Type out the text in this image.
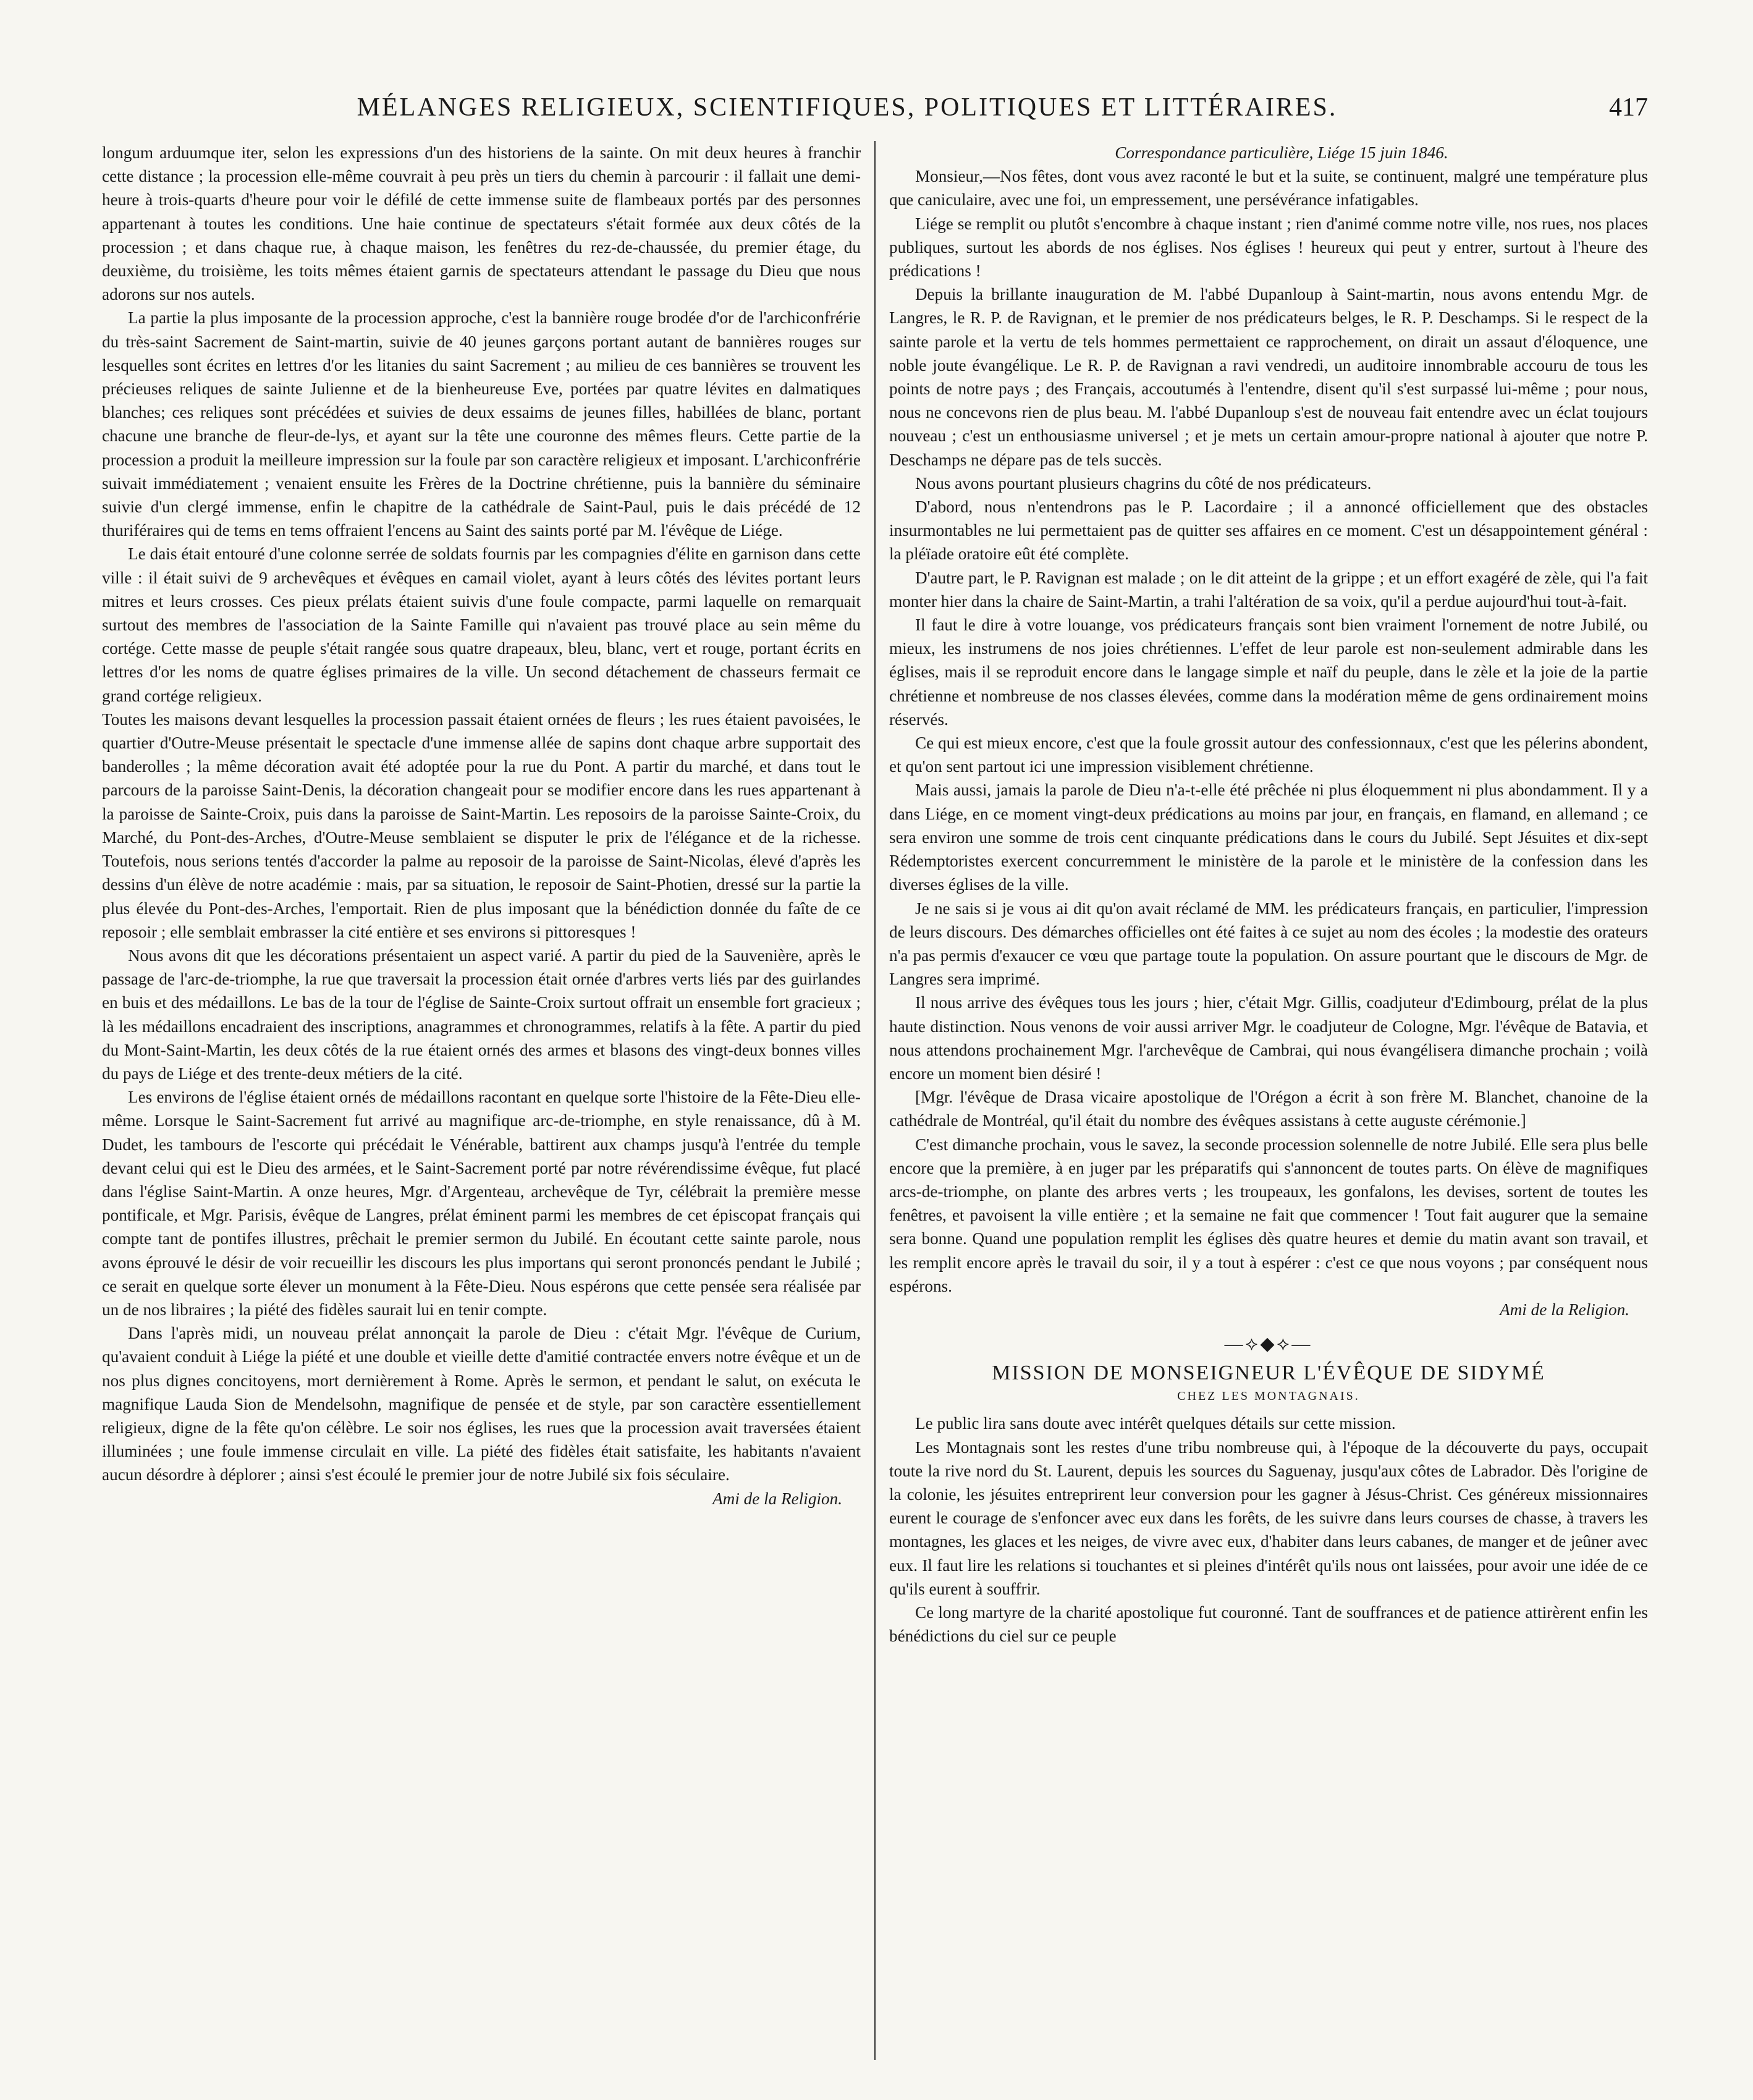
MÉLANGES RELIGIEUX, SCIENTIFIQUES, POLITIQUES ET LITTÉRAIRES.	417

longum arduumque iter, selon les expressions d'un des historiens de la sainte. On mit deux heures à franchir cette distance ; la procession elle-même couvrait à peu près un tiers du chemin à parcourir : il fallait une demi-heure à trois-quarts d'heure pour voir le défilé de cette immense suite de flambeaux portés par des personnes appartenant à toutes les conditions. Une haie continue de spectateurs s'était formée aux deux côtés de la procession ; et dans chaque rue, à chaque maison, les fenêtres du rez-de-chaussée, du premier étage, du deuxième, du troisième, les toits mêmes étaient garnis de spectateurs attendant le passage du Dieu que nous adorons sur nos autels.

La partie la plus imposante de la procession approche, c'est la bannière rouge brodée d'or de l'archiconfrérie du très-saint Sacrement de Saint-martin, suivie de 40 jeunes garçons portant autant de bannières rouges sur lesquelles sont écrites en lettres d'or les litanies du saint Sacrement ; au milieu de ces bannières se trouvent les précieuses reliques de sainte Julienne et de la bienheureuse Eve, portées par quatre lévites en dalmatiques blanches; ces reliques sont précédées et suivies de deux essaims de jeunes filles, habillées de blanc, portant chacune une branche de fleur-de-lys, et ayant sur la tête une couronne des mêmes fleurs. Cette partie de la procession a produit la meilleure impression sur la foule par son caractère religieux et imposant. L'archiconfrérie suivait immédiatement ; venaient ensuite les Frères de la Doctrine chrétienne, puis la bannière du séminaire suivie d'un clergé immense, enfin le chapitre de la cathédrale de Saint-Paul, puis le dais précédé de 12 thuriféraires qui de tems en tems offraient l'encens au Saint des saints porté par M. l'évêque de Liége.

Le dais était entouré d'une colonne serrée de soldats fournis par les compagnies d'élite en garnison dans cette ville : il était suivi de 9 archevêques et évêques en camail violet, ayant à leurs côtés des lévites portant leurs mitres et leurs crosses. Ces pieux prélats étaient suivis d'une foule compacte, parmi laquelle on remarquait surtout des membres de l'association de la Sainte Famille qui n'avaient pas trouvé place au sein même du cortége. Cette masse de peuple s'était rangée sous quatre drapeaux, bleu, blanc, vert et rouge, portant écrits en lettres d'or les noms de quatre églises primaires de la ville. Un second détachement de chasseurs fermait ce grand cortége religieux.

Toutes les maisons devant lesquelles la procession passait étaient ornées de fleurs ; les rues étaient pavoisées, le quartier d'Outre-Meuse présentait le spectacle d'une immense allée de sapins dont chaque arbre supportait des banderolles ; la même décoration avait été adoptée pour la rue du Pont. A partir du marché, et dans tout le parcours de la paroisse Saint-Denis, la décoration changeait pour se modifier encore dans les rues appartenant à la paroisse de Sainte-Croix, puis dans la paroisse de Saint-Martin. Les reposoirs de la paroisse Sainte-Croix, du Marché, du Pont-des-Arches, d'Outre-Meuse semblaient se disputer le prix de l'élégance et de la richesse. Toutefois, nous serions tentés d'accorder la palme au reposoir de la paroisse de Saint-Nicolas, élevé d'après les dessins d'un élève de notre académie : mais, par sa situation, le reposoir de Saint-Photien, dressé sur la partie la plus élevée du Pont-des-Arches, l'emportait. Rien de plus imposant que la bénédiction donnée du faîte de ce reposoir ; elle semblait embrasser la cité entière et ses environs si pittoresques !

Nous avons dit que les décorations présentaient un aspect varié. A partir du pied de la Sauvenière, après le passage de l'arc-de-triomphe, la rue que traversait la procession était ornée d'arbres verts liés par des guirlandes en buis et des médaillons. Le bas de la tour de l'église de Sainte-Croix surtout offrait un ensemble fort gracieux ; là les médaillons encadraient des inscriptions, anagrammes et chronogrammes, relatifs à la fête. A partir du pied du Mont-Saint-Martin, les deux côtés de la rue étaient ornés des armes et blasons des vingt-deux bonnes villes du pays de Liége et des trente-deux métiers de la cité.

Les environs de l'église étaient ornés de médaillons racontant en quelque sorte l'histoire de la Fête-Dieu elle-même. Lorsque le Saint-Sacrement fut arrivé au magnifique arc-de-triomphe, en style renaissance, dû à M. Dudet, les tambours de l'escorte qui précédait le Vénérable, battirent aux champs jusqu'à l'entrée du temple devant celui qui est le Dieu des armées, et le Saint-Sacrement porté par notre révérendissime évêque, fut placé dans l'église Saint-Martin. A onze heures, Mgr. d'Argenteau, archevêque de Tyr, célébrait la première messe pontificale, et Mgr. Parisis, évêque de Langres, prélat éminent parmi les membres de cet épiscopat français qui compte tant de pontifes illustres, prêchait le premier sermon du Jubilé. En écoutant cette sainte parole, nous avons éprouvé le désir de voir recueillir les discours les plus importans qui seront prononcés pendant le Jubilé ; ce serait en quelque sorte élever un monument à la Fête-Dieu. Nous espérons que cette pensée sera réalisée par un de nos libraires ; la piété des fidèles saurait lui en tenir compte.

Dans l'après midi, un nouveau prélat annonçait la parole de Dieu : c'était Mgr. l'évêque de Curium, qu'avaient conduit à Liége la piété et une double et vieille dette d'amitié contractée envers notre évêque et un de nos plus dignes concitoyens, mort dernièrement à Rome. Après le sermon, et pendant le salut, on exécuta le magnifique Lauda Sion de Mendelsohn, magnifique de pensée et de style, par son caractère essentiellement religieux, digne de la fête qu'on célèbre. Le soir nos églises, les rues que la procession avait traversées étaient illuminées ; une foule immense circulait en ville. La piété des fidèles était satisfaite, les habitants n'avaient aucun désordre à déplorer ; ainsi s'est écoulé le premier jour de notre Jubilé six fois séculaire.

Ami de la Religion.

Correspondance particulière, Liége 15 juin 1846.

Monsieur,—Nos fêtes, dont vous avez raconté le but et la suite, se continuent, malgré une température plus que caniculaire, avec une foi, un empressement, une persévérance infatigables.

Liége se remplit ou plutôt s'encombre à chaque instant ; rien d'animé comme notre ville, nos rues, nos places publiques, surtout les abords de nos églises. Nos églises ! heureux qui peut y entrer, surtout à l'heure des prédications !

Depuis la brillante inauguration de M. l'abbé Dupanloup à Saint-martin, nous avons entendu Mgr. de Langres, le R. P. de Ravignan, et le premier de nos prédicateurs belges, le R. P. Deschamps. Si le respect de la sainte parole et la vertu de tels hommes permettaient ce rapprochement, on dirait un assaut d'éloquence, une noble joute évangélique. Le R. P. de Ravignan a ravi vendredi, un auditoire innombrable accouru de tous les points de notre pays ; des Français, accoutumés à l'entendre, disent qu'il s'est surpassé lui-même ; pour nous, nous ne concevons rien de plus beau. M. l'abbé Dupanloup s'est de nouveau fait entendre avec un éclat toujours nouveau ; c'est un enthousiasme universel ; et je mets un certain amour-propre national à ajouter que notre P. Deschamps ne dépare pas de tels succès.

Nous avons pourtant plusieurs chagrins du côté de nos prédicateurs.

D'abord, nous n'entendrons pas le P. Lacordaire ; il a annoncé officiellement que des obstacles insurmontables ne lui permettaient pas de quitter ses affaires en ce moment. C'est un désappointement général : la pléïade oratoire eût été complète.

D'autre part, le P. Ravignan est malade ; on le dit atteint de la grippe ; et un effort exagéré de zèle, qui l'a fait monter hier dans la chaire de Saint-Martin, a trahi l'altération de sa voix, qu'il a perdue aujourd'hui tout-à-fait.

Il faut le dire à votre louange, vos prédicateurs français sont bien vraiment l'ornement de notre Jubilé, ou mieux, les instrumens de nos joies chrétiennes. L'effet de leur parole est non-seulement admirable dans les églises, mais il se reproduit encore dans le langage simple et naïf du peuple, dans le zèle et la joie de la partie chrétienne et nombreuse de nos classes élevées, comme dans la modération même de gens ordinairement moins réservés.

Ce qui est mieux encore, c'est que la foule grossit autour des confessionnaux, c'est que les pélerins abondent, et qu'on sent partout ici une impression visiblement chrétienne.

Mais aussi, jamais la parole de Dieu n'a-t-elle été prêchée ni plus éloquemment ni plus abondamment. Il y a dans Liége, en ce moment vingt-deux prédications au moins par jour, en français, en flamand, en allemand ; ce sera environ une somme de trois cent cinquante prédications dans le cours du Jubilé. Sept Jésuites et dix-sept Rédemptoristes exercent concurremment le ministère de la parole et le ministère de la confession dans les diverses églises de la ville.

Je ne sais si je vous ai dit qu'on avait réclamé de MM. les prédicateurs français, en particulier, l'impression de leurs discours. Des démarches officielles ont été faites à ce sujet au nom des écoles ; la modestie des orateurs n'a pas permis d'exaucer ce vœu que partage toute la population. On assure pourtant que le discours de Mgr. de Langres sera imprimé.

Il nous arrive des évêques tous les jours ; hier, c'était Mgr. Gillis, coadjuteur d'Edimbourg, prélat de la plus haute distinction. Nous venons de voir aussi arriver Mgr. le coadjuteur de Cologne, Mgr. l'évêque de Batavia, et nous attendons prochainement Mgr. l'archevêque de Cambrai, qui nous évangélisera dimanche prochain ; voilà encore un moment bien désiré !

[Mgr. l'évêque de Drasa vicaire apostolique de l'Orégon a écrit à son frère M. Blanchet, chanoine de la cathédrale de Montréal, qu'il était du nombre des évêques assistans à cette auguste cérémonie.]

C'est dimanche prochain, vous le savez, la seconde procession solennelle de notre Jubilé. Elle sera plus belle encore que la première, à en juger par les préparatifs qui s'annoncent de toutes parts. On élève de magnifiques arcs-de-triomphe, on plante des arbres verts ; les troupeaux, les gonfalons, les devises, sortent de toutes les fenêtres, et pavoisent la ville entière ; et la semaine ne fait que commencer ! Tout fait augurer que la semaine sera bonne. Quand une population remplit les églises dès quatre heures et demie du matin avant son travail, et les remplit encore après le travail du soir, il y a tout à espérer : c'est ce que nous voyons ; par conséquent nous espérons.

Ami de la Religion.

—⟡◆⟡—
MISSION DE MONSEIGNEUR L'ÉVÊQUE DE SIDYMÉ
CHEZ LES MONTAGNAIS.

Le public lira sans doute avec intérêt quelques détails sur cette mission.

Les Montagnais sont les restes d'une tribu nombreuse qui, à l'époque de la découverte du pays, occupait toute la rive nord du St. Laurent, depuis les sources du Saguenay, jusqu'aux côtes de Labrador. Dès l'origine de la colonie, les jésuites entreprirent leur conversion pour les gagner à Jésus-Christ. Ces généreux missionnaires eurent le courage de s'enfoncer avec eux dans les forêts, de les suivre dans leurs courses de chasse, à travers les montagnes, les glaces et les neiges, de vivre avec eux, d'habiter dans leurs cabanes, de manger et de jeûner avec eux. Il faut lire les relations si touchantes et si pleines d'intérêt qu'ils nous ont laissées, pour avoir une idée de ce qu'ils eurent à souffrir.

Ce long martyre de la charité apostolique fut couronné. Tant de souffrances et de patience attirèrent enfin les bénédictions du ciel sur ce peuple
